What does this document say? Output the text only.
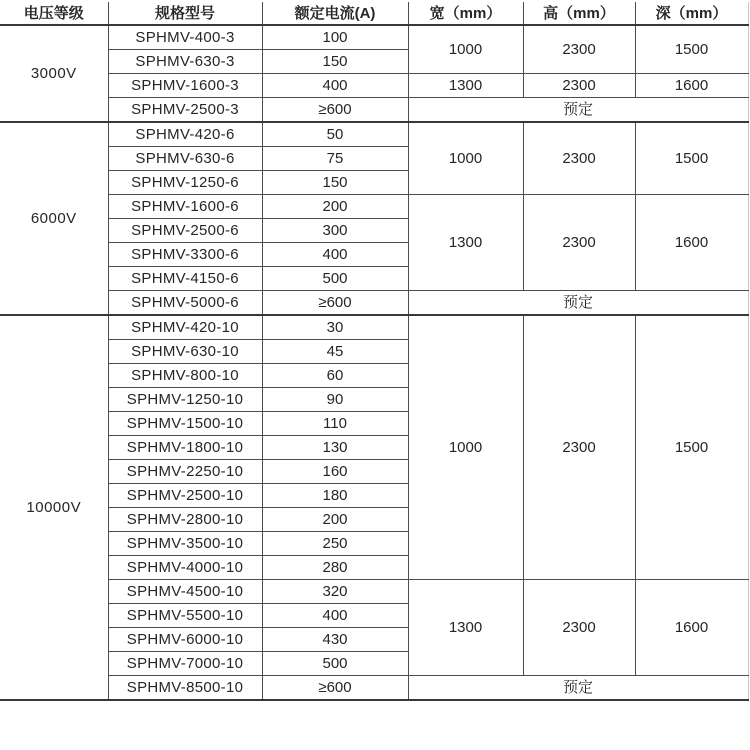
电压等级	规格型号	额定电流(A)	宽（mm）	高（mm）	深（mm）
3000V	SPHMV-400-3	100	1000	2300	1500
	SPHMV-630-3	150			
	SPHMV-1600-3	400	1300	2300	1600
	SPHMV-2500-3	≥600	预定		
6000V	SPHMV-420-6	50	1000	2300	1500
	SPHMV-630-6	75			
	SPHMV-1250-6	150			
	SPHMV-1600-6	200	1300	2300	1600
	SPHMV-2500-6	300			
	SPHMV-3300-6	400			
	SPHMV-4150-6	500			
	SPHMV-5000-6	≥600	预定		
10000V	SPHMV-420-10	30	1000	2300	1500
	SPHMV-630-10	45			
	SPHMV-800-10	60			
	SPHMV-1250-10	90			
	SPHMV-1500-10	110			
	SPHMV-1800-10	130			
	SPHMV-2250-10	160			
	SPHMV-2500-10	180			
	SPHMV-2800-10	200			
	SPHMV-3500-10	250			
	SPHMV-4000-10	280			
	SPHMV-4500-10	320	1300	2300	1600
	SPHMV-5500-10	400			
	SPHMV-6000-10	430			
	SPHMV-7000-10	500			
	SPHMV-8500-10	≥600	预定		
